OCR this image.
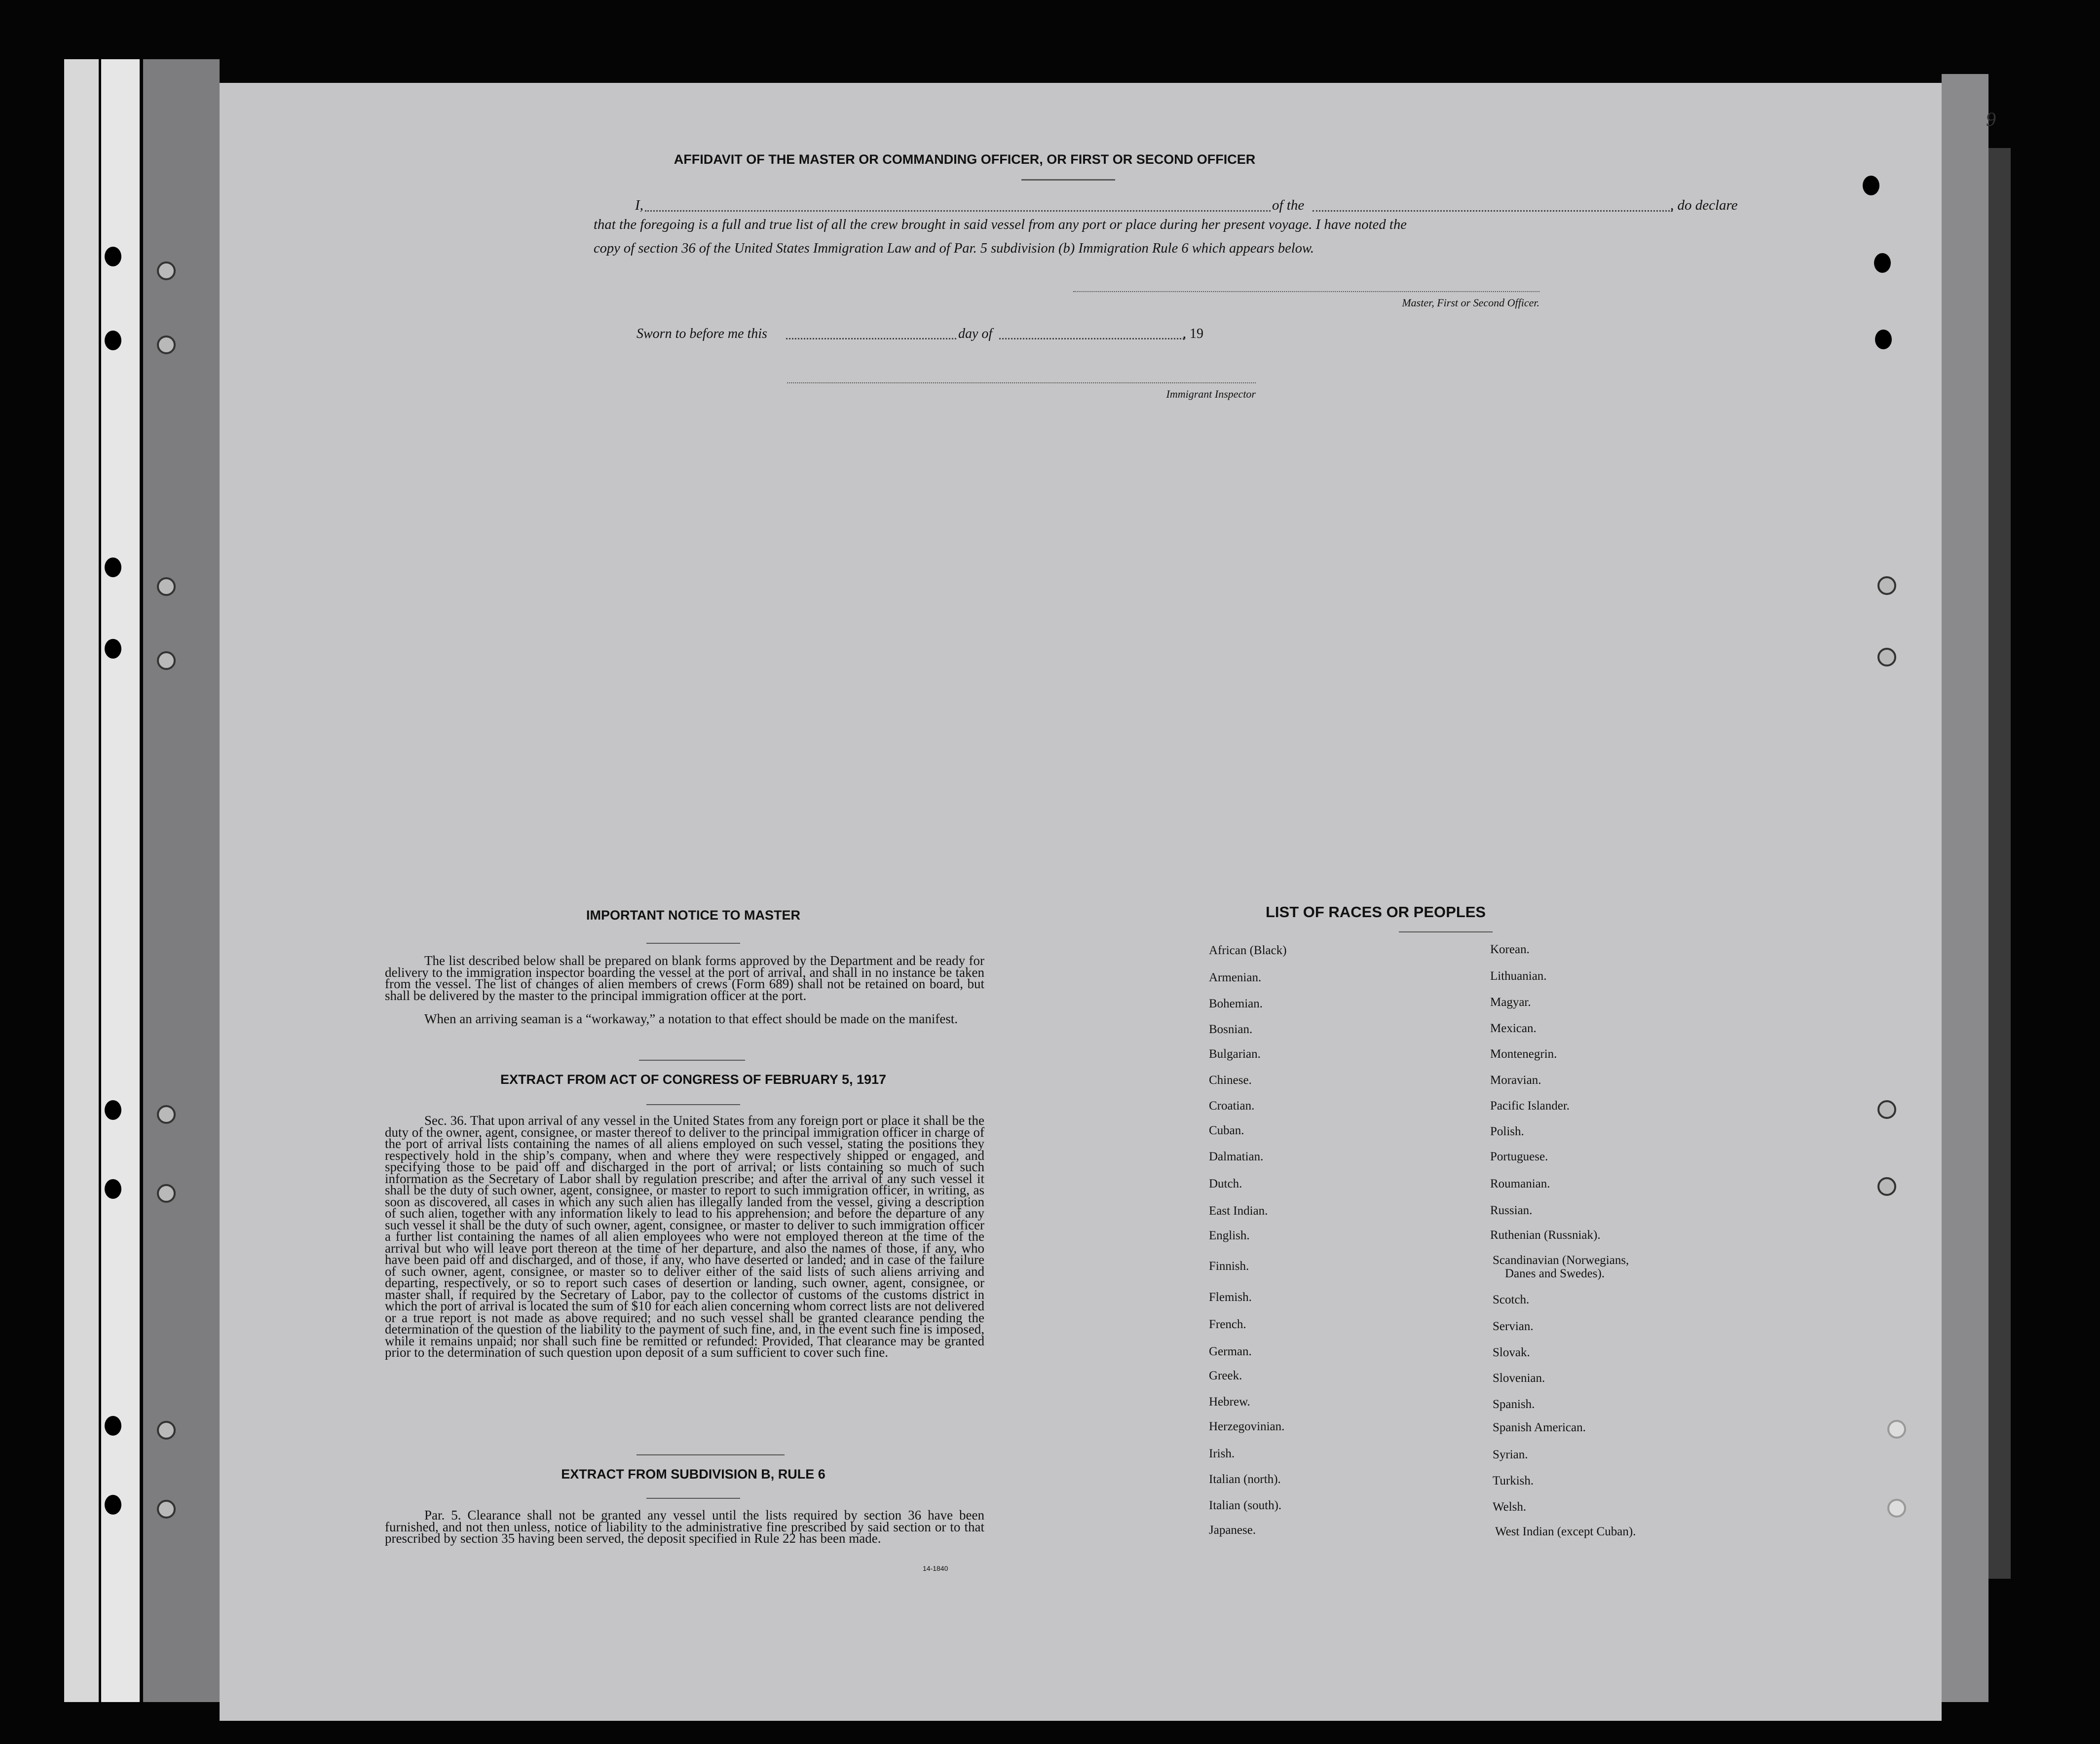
9
AFFIDAVIT OF THE MASTER OR COMMANDING OFFICER, OR FIRST OR SECOND OFFICER
I,	of the	, do declare
that the foregoing is a full and true list of all the crew brought in said vessel from any port or place during her present voyage. I have noted the
copy of section 36 of the United States Immigration Law and of Par. 5 subdivision (b) Immigration Rule 6 which appears below.
Master, First or Second Officer.
Sworn to before me this	day of	, 19
Immigrant Inspector
IMPORTANT NOTICE TO MASTER
The list described below shall be prepared on blank forms approved by the Department and be ready for delivery to the immigration inspector boarding the vessel at the port of arrival, and shall in no instance be taken from the vessel. The list of changes of alien members of crews (Form 689) shall not be retained on board, but shall be delivered by the master to the principal immigration officer at the port.
When an arriving seaman is a “workaway,” a notation to that effect should be made on the manifest.
EXTRACT FROM ACT OF CONGRESS OF FEBRUARY 5, 1917
Sec. 36. That upon arrival of any vessel in the United States from any foreign port or place it shall be the duty of the owner, agent, consignee, or master thereof to deliver to the principal immigration officer in charge of the port of arrival lists containing the names of all aliens employed on such vessel, stating the positions they respectively hold in the ship’s company, when and where they were respectively shipped or engaged, and specifying those to be paid off and discharged in the port of arrival; or lists containing so much of such information as the Secretary of Labor shall by regulation prescribe; and after the arrival of any such vessel it shall be the duty of such owner, agent, consignee, or master to report to such immigration officer, in writing, as soon as discovered, all cases in which any such alien has illegally landed from the vessel, giving a description of such alien, together with any information likely to lead to his apprehension; and before the departure of any such vessel it shall be the duty of such owner, agent, consignee, or master to deliver to such immigration officer a further list containing the names of all alien employees who were not employed thereon at the time of the arrival but who will leave port thereon at the time of her departure, and also the names of those, if any, who have been paid off and discharged, and of those, if any, who have deserted or landed; and in case of the failure of such owner, agent, consignee, or master so to deliver either of the said lists of such aliens arriving and departing, respectively, or so to report such cases of desertion or landing, such owner, agent, consignee, or master shall, if required by the Secretary of Labor, pay to the collector of customs of the customs district in which the port of arrival is located the sum of $10 for each alien concerning whom correct lists are not delivered or a true report is not made as above required; and no such vessel shall be granted clearance pending the determination of the question of the liability to the payment of such fine, and, in the event such fine is imposed, while it remains unpaid; nor shall such fine be remitted or refunded: Provided, That clearance may be granted prior to the determination of such question upon deposit of a sum sufficient to cover such fine.
EXTRACT FROM SUBDIVISION B, RULE 6
Par. 5. Clearance shall not be granted any vessel until the lists required by section 36 have been furnished, and not then unless, notice of liability to the administrative fine prescribed by said section or to that prescribed by section 35 having been served, the deposit specified in Rule 22 has been made.
14-1840
LIST OF RACES OR PEOPLES
African (Black)
Armenian.
Bohemian.
Bosnian.
Bulgarian.
Chinese.
Croatian.
Cuban.
Dalmatian.
Dutch.
East Indian.
English.
Finnish.
Flemish.
French.
German.
Greek.
Hebrew.
Herzegovinian.
Irish.
Italian (north).
Italian (south).
Japanese.
Korean.
Lithuanian.
Magyar.
Mexican.
Montenegrin.
Moravian.
Pacific Islander.
Polish.
Portuguese.
Roumanian.
Russian.
Ruthenian (Russniak).
Scandinavian (Norwegians,
Danes and Swedes).
Scotch.
Servian.
Slovak.
Slovenian.
Spanish.
Spanish American.
Syrian.
Turkish.
Welsh.
West Indian (except Cuban).
